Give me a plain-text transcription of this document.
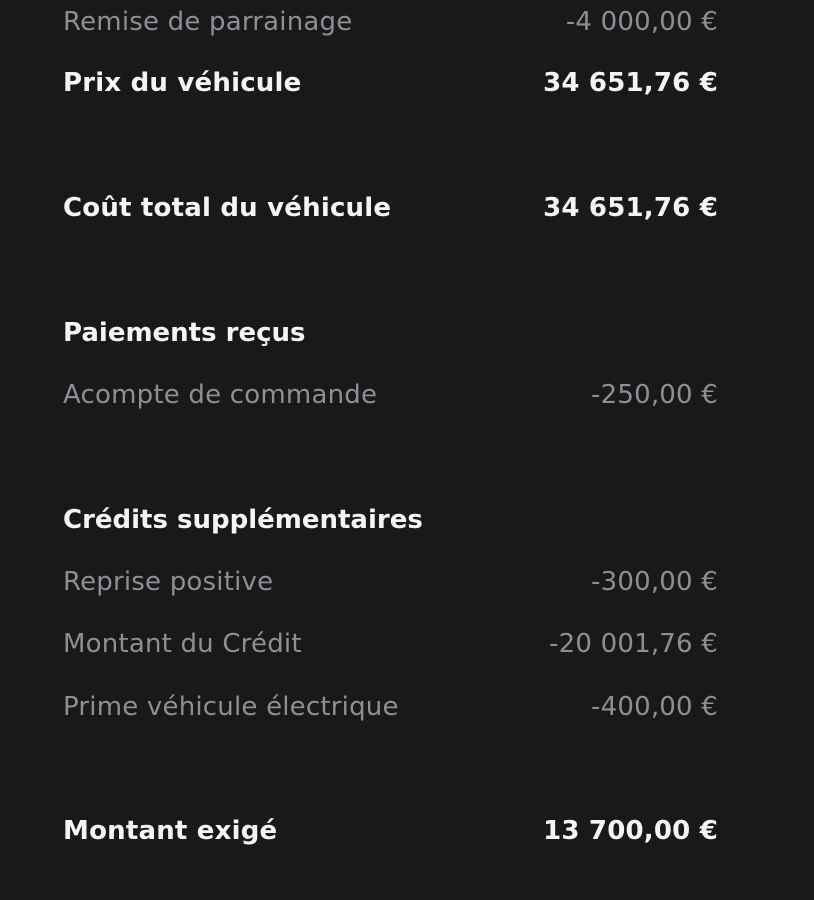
Remise de parrainage	-4 000,00 €
Prix du véhicule	34 651,76 €
Coût total du véhicule	34 651,76 €
Paiements reçus
Acompte de commande	-250,00 €
Crédits supplémentaires
Reprise positive	-300,00 €
Montant du Crédit	-20 001,76 €
Prime véhicule électrique	-400,00 €
Montant exigé	13 700,00 €
